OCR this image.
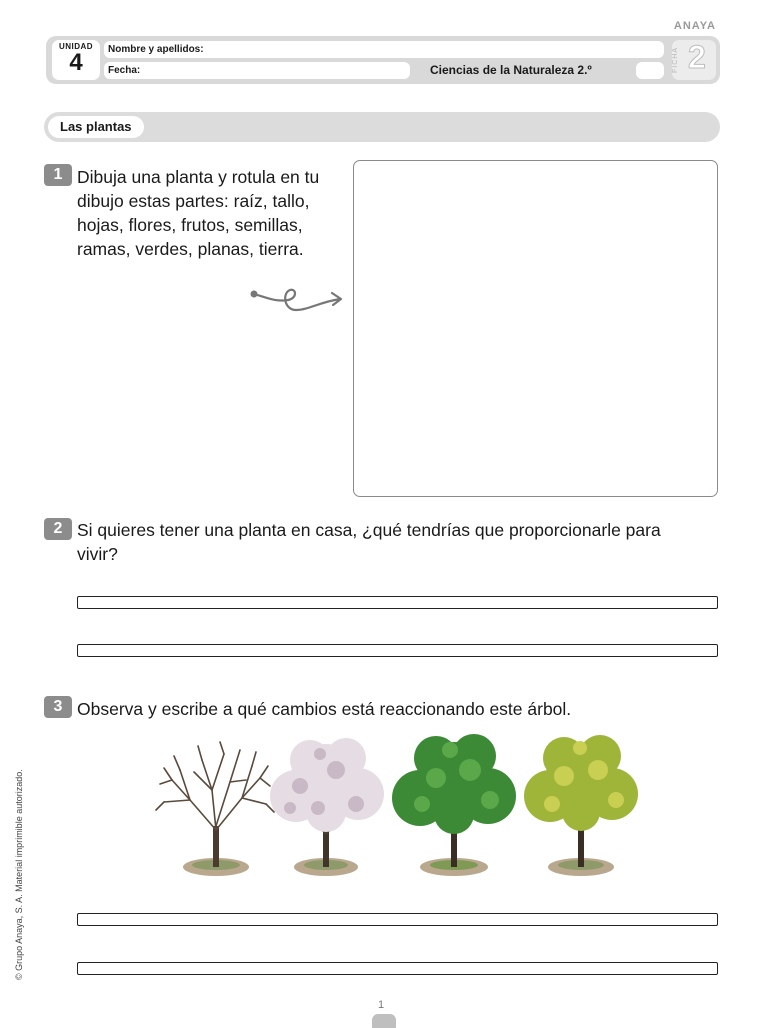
ANAYA
UNIDAD
4	Nombre y apellidos:
Fecha:	Ciencias de la Naturaleza 2.º	FICHA 2
Las plantas
1 Dibuja una planta y rotula en tu dibujo estas partes: raíz, tallo, hojas, flores, frutos, semillas, ramas, verdes, planas, tierra.
2 Si quieres tener una planta en casa, ¿qué tendrías que proporcionarle para vivir?
3 Observa y escribe a qué cambios está reaccionando este árbol.
© Grupo Anaya, S. A. Material imprimible autorizado.
1
